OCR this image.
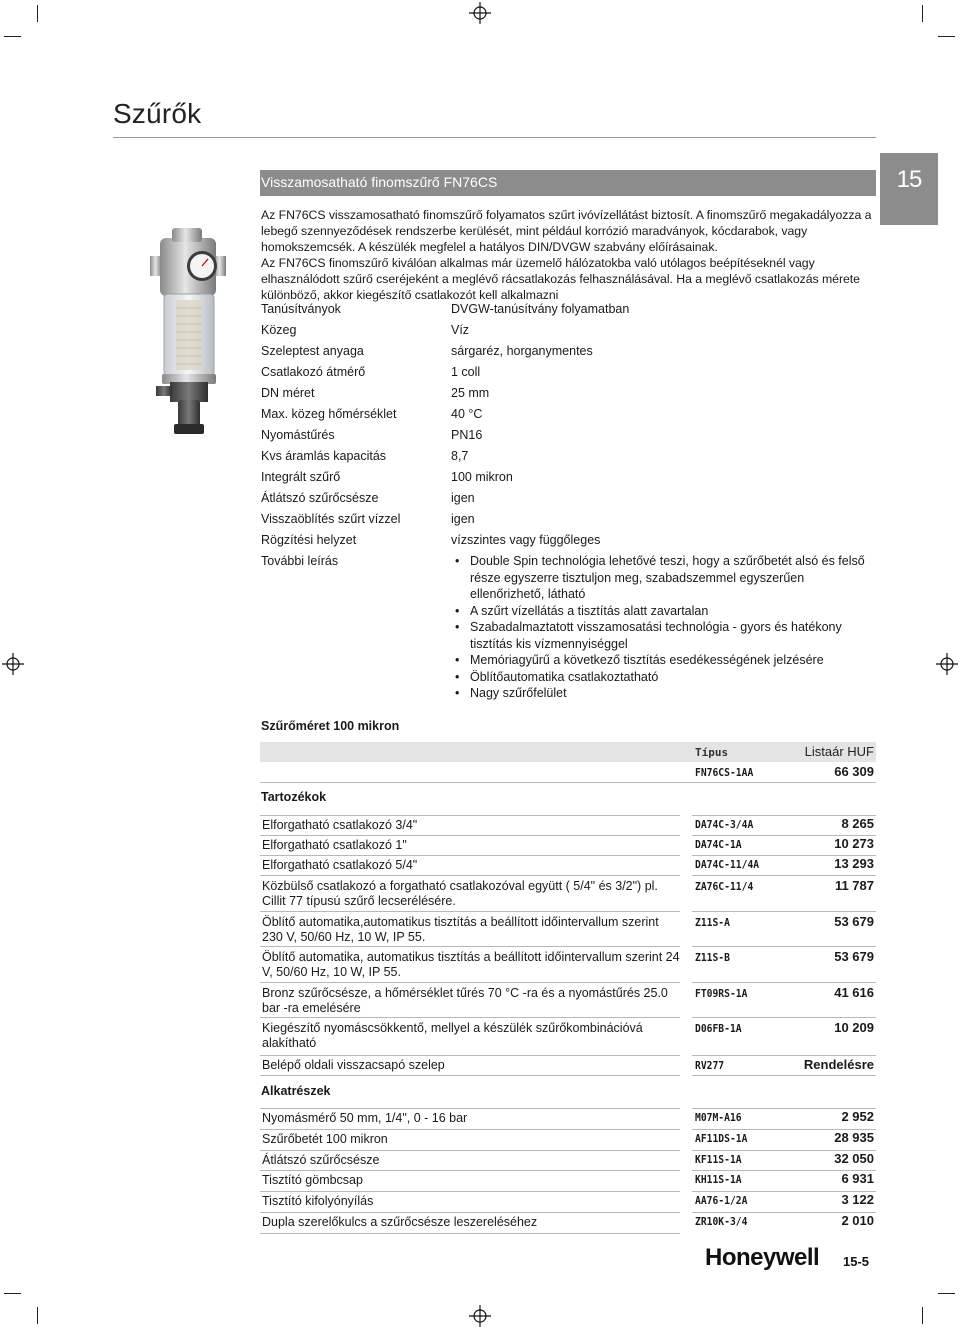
Szűrők
15
Visszamosatható finomszűrő FN76CS

Az FN76CS visszamosatható finomszűrő folyamatos szűrt ivóvízellátást biztosít. A finomszűrő megakadályozza a lebegő szennyeződések rendszerbe kerülését, mint például korrózió maradványok, kócdarabok, vagy homokszemcsék. A készülék megfelel a hatályos DIN/DVGW szabvány előírásainak.

Az FN76CS finomszűrő kiválóan alkalmas már üzemelő hálózatokba való utólagos beépítéseknél vagy elhasználódott szűrő cseréjeként a meglévő rácsatlakozás felhasználásával. Ha a meglévő csatlakozás mérete különböző, akkor kiegészítő csatlakozót kell alkalmazni

Tanúsítványok	DVGW-tanúsítvány folyamatban
Közeg	Víz
Szeleptest anyaga	sárgaréz, horganymentes
Csatlakozó átmérő	1 coll
DN méret	25 mm
Max. közeg hőmérséklet	40 °C
Nyomástűrés	PN16
Kvs áramlás kapacitás	8,7
Integrált szűrő	100 mikron
Átlátszó szűrőcsésze	igen
Visszaöblítés szűrt vízzel	igen
Rögzítési helyzet	vízszintes vagy függőleges
További leírás
•	Double Spin technológia lehetővé teszi, hogy a szűrőbetét alsó és felső része egyszerre tisztuljon meg, szabadszemmel egyszerűen ellenőrizhető, látható
• A szűrt vízellátás a tisztítás alatt zavartalan
• Szabadalmaztatott visszamosatási technológia - gyors és hatékony tisztítás kis vízmennyiséggel
• Memóriagyűrű a következő tisztítás esedékességének jelzésére
• Öblítőautomatika csatlakoztatható
• Nagy szűrőfelület
Szűrőméret 100 mikron
Típus	Listaár HUF
FN76CS-1AA	66 309
Tartozékok
Elforgatható csatlakozó 3/4"	DA74C-3/4A	8 265
Elforgatható csatlakozó 1"	DA74C-1A	10 273
Elforgatható csatlakozó 5/4"	DA74C-11/4A	13 293
Közbülső csatlakozó a forgatható csatlakozóval együtt ( 5/4" és 3/2") pl. Cillit 77 típusú szűrő lecserélésére.
ZA76C-11/4	11 787
Öblítő automatika,automatikus tisztítás a beállított időintervallum szerint 230 V, 50/60 Hz, 10 W, IP 55.
Z11S-A	53 679
Öblítő automatika, automatikus tisztítás a beállított időintervallum szerint 24 V, 50/60 Hz, 10 W, IP 55.
Z11S-B	53 679
Bronz szűrőcsésze, a hőmérséklet tűrés 70 °C -ra és a nyomástűrés 25.0 bar -ra emelésére
FT09RS-1A	41 616
Kiegészítő nyomáscsökkentő, mellyel a készülék szűrőkombinációvá alakítható
D06FB-1A	10 209
Belépő oldali visszacsapó szelep	RV277	Rendelésre
Alkatrészek
Nyomásmérő 50 mm, 1/4", 0 - 16 bar	M07M-A16	2 952
Szűrőbetét 100 mikron	AF11DS-1A	28 935
Átlátszó szűrőcsésze	KF11S-1A	32 050
Tisztító gömbcsap	KH11S-1A	6 931
Tisztító kifolyónyílás	AA76-1/2A	3 122
Dupla szerelőkulcs a szűrőcsésze leszereléséhez	ZR10K-3/4	2 010
Honeywell 15-5
